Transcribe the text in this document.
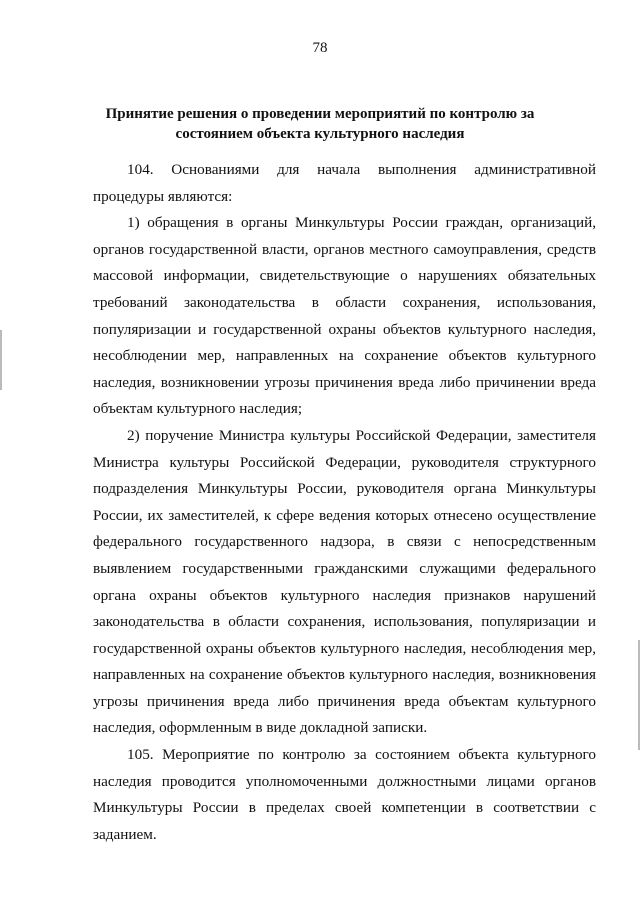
78
Принятие решения о проведении мероприятий по контролю за
состоянием объекта культурного наследия

104. Основаниями для начала выполнения административной процедуры являются:

1) обращения в органы Минкультуры России граждан, организаций, органов государственной власти, органов местного самоуправления, средств массовой информации, свидетельствующие о нарушениях обязательных требований законодательства в области сохранения, использования, популяризации и государственной охраны объектов культурного наследия, несоблюдении мер, направленных на сохранение объектов культурного наследия, возникновении угрозы причинения вреда либо причинении вреда объектам культурного наследия;

2) поручение Министра культуры Российской Федерации, заместителя Министра культуры Российской Федерации, руководителя структурного подразделения Минкультуры России, руководителя органа Минкультуры России, их заместителей, к сфере ведения которых отнесено осуществление федерального государственного надзора, в связи с непосредственным выявлением государственными гражданскими служащими федерального органа охраны объектов культурного наследия признаков нарушений законодательства в области сохранения, использования, популяризации и государственной охраны объектов культурного наследия, несоблюдения мер, направленных на сохранение объектов культурного наследия, возникновения угрозы причинения вреда либо причинения вреда объектам культурного наследия, оформленным в виде докладной записки.

105. Мероприятие по контролю за состоянием объекта культурного наследия проводится уполномоченными должностными лицами органов Минкультуры России в пределах своей компетенции в соответствии с заданием.
